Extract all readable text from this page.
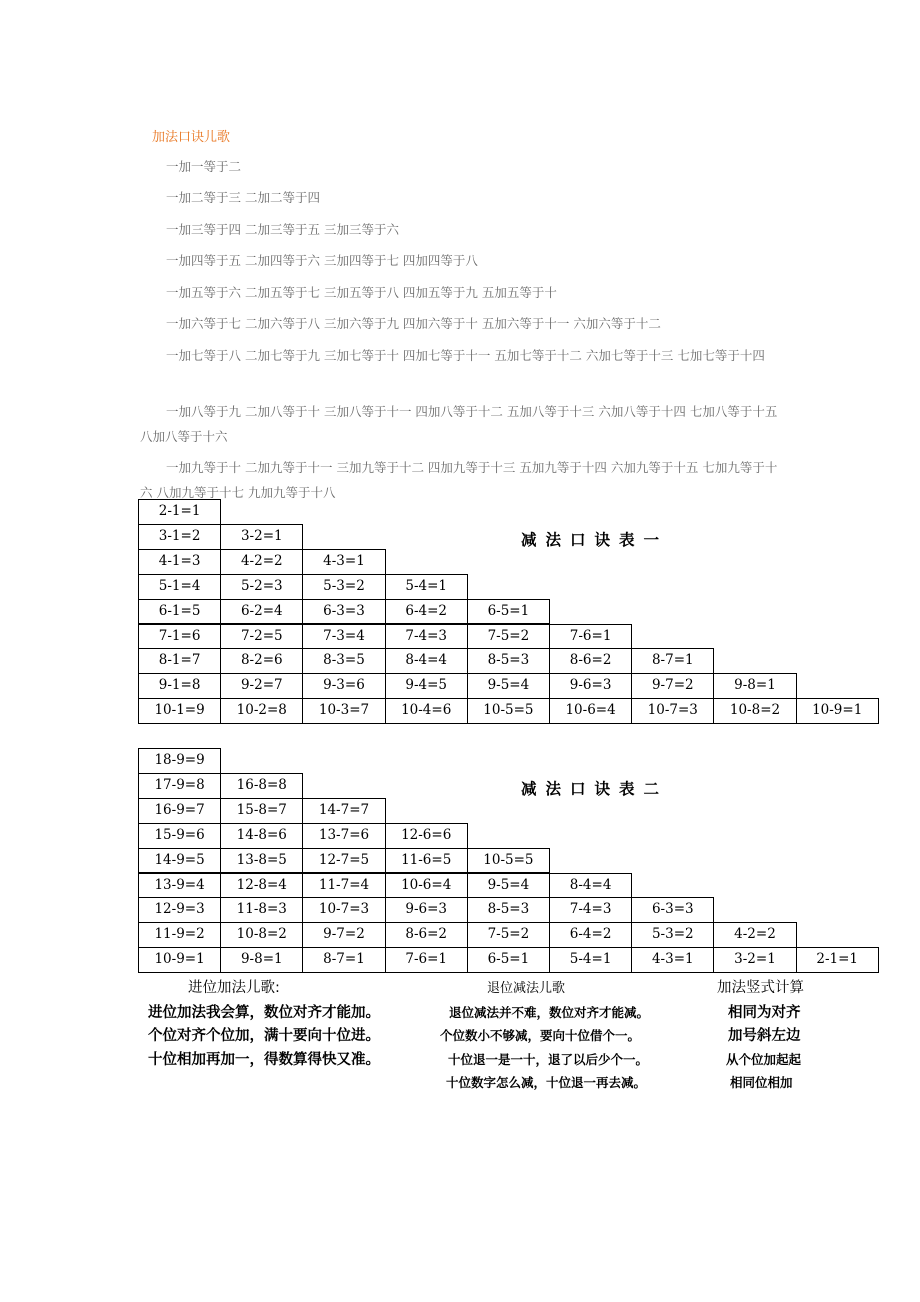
加法口诀儿歌
一加一等于二
一加二等于三 二加二等于四
一加三等于四 二加三等于五 三加三等于六
一加四等于五 二加四等于六 三加四等于七 四加四等于八
一加五等于六 二加五等于七 三加五等于八 四加五等于九 五加五等于十
一加六等于七 二加六等于八 三加六等于九 四加六等于十 五加六等于十一 六加六等于十二
一加七等于八 二加七等于九 三加七等于十 四加七等于十一 五加七等于十二 六加七等于十三 七加七等于十四
一加八等于九 二加八等于十 三加八等于十一 四加八等于十二 五加八等于十三 六加八等于十四 七加八等于十五 八加八等于十六
一加九等于十 二加九等于十一 三加九等于十二 四加九等于十三 五加九等于十四 六加九等于十五 七加九等于十六 八加九等于十七 九加九等于十八
2-1=1
3-1=2	3-2=1
4-1=3	4-2=2	4-3=1
5-1=4	5-2=3	5-3=2	5-4=1
6-1=5	6-2=4	6-3=3	6-4=2	6-5=1
7-1=6	7-2=5	7-3=4	7-4=3	7-5=2	7-6=1
8-1=7	8-2=6	8-3=5	8-4=4	8-5=3	8-6=2	8-7=1
9-1=8	9-2=7	9-3=6	9-4=5	9-5=4	9-6=3	9-7=2	9-8=1
10-1=9	10-2=8	10-3=7	10-4=6	10-5=5	10-6=4	10-7=3	10-8=2	10-9=1
减法口诀表一
18-9=9
17-9=8	16-8=8
16-9=7	15-8=7	14-7=7
15-9=6	14-8=6	13-7=6	12-6=6
14-9=5	13-8=5	12-7=5	11-6=5	10-5=5
13-9=4	12-8=4	11-7=4	10-6=4	9-5=4	8-4=4
12-9=3	11-8=3	10-7=3	9-6=3	8-5=3	7-4=3	6-3=3
11-9=2	10-8=2	9-7=2	8-6=2	7-5=2	6-4=2	5-3=2	4-2=2
10-9=1	9-8=1	8-7=1	7-6=1	6-5=1	5-4=1	4-3=1	3-2=1	2-1=1
减法口诀表二
进位加法儿歌:
进位加法我会算，数位对齐才能加。
个位对齐个位加，满十要向十位进。
十位相加再加一，得数算得快又准。
退位减法儿歌
退位减法并不难，数位对齐才能减。
个位数小不够减，要向十位借个一。
十位退一是一十，退了以后少个一。
十位数字怎么减，十位退一再去减。
加法竖式计算
相同为对齐
加号斜左边
从个位加起起
相同位相加
